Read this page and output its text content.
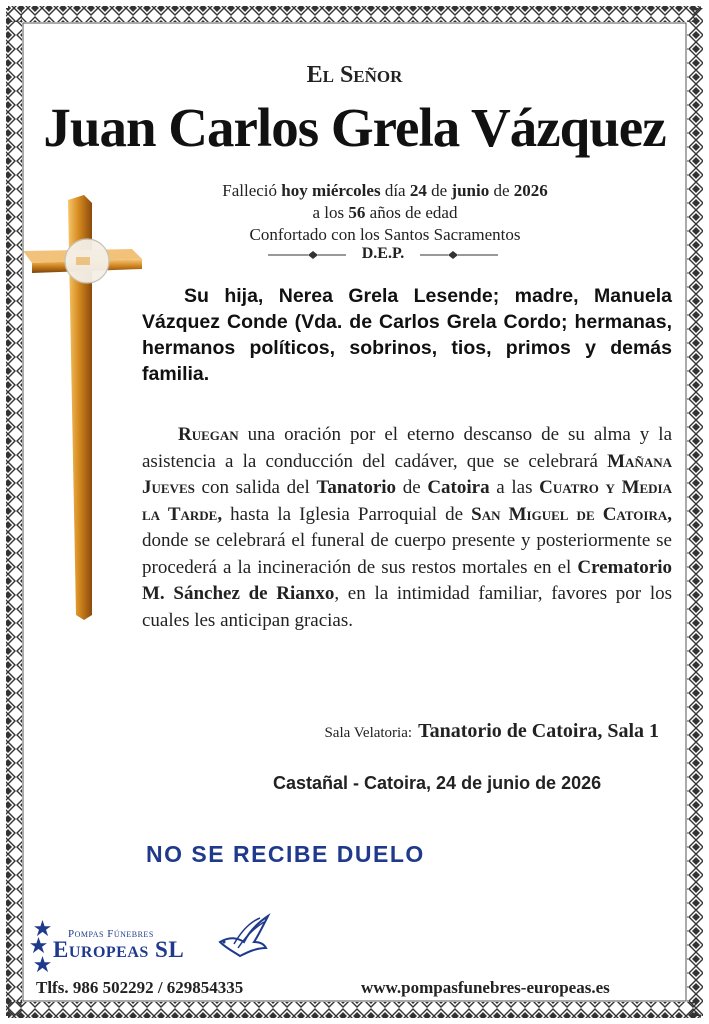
El Señor
Juan Carlos Grela Vázquez
Falleció hoy miércoles día 24 de junio de 2026
a los 56 años de edad
Confortado con los Santos Sacramentos
D.E.P.

Su hija, Nerea Grela Lesende; madre, Manuela Vázquez Conde (Vda. de Carlos Grela Cordo; hermanas, hermanos políticos, sobrinos, tios, primos y demás familia.

Ruegan una oración por el eterno descanso de su alma y la asistencia a la conducción del cadáver, que se celebrará Mañana Jueves con salida del Tanatorio de Catoira a las Cuatro y Media la Tarde, hasta la Iglesia Parroquial de San Miguel de Catoira, donde se celebrará el funeral de cuerpo presente y posteriormente se procederá a la incineración de sus restos mortales en el Crematorio M. Sánchez de Rianxo, en la intimidad familiar, favores por los cuales les anticipan gracias.

Sala Velatoria: Tanatorio de Catoira, Sala 1
Castañal - Catoira, 24 de junio de 2026
NO SE RECIBE DUELO
Pompas Fúnebres
Europeas SL
Tlfs. 986 502292 / 629854335	www.pompasfunebres-europeas.es
